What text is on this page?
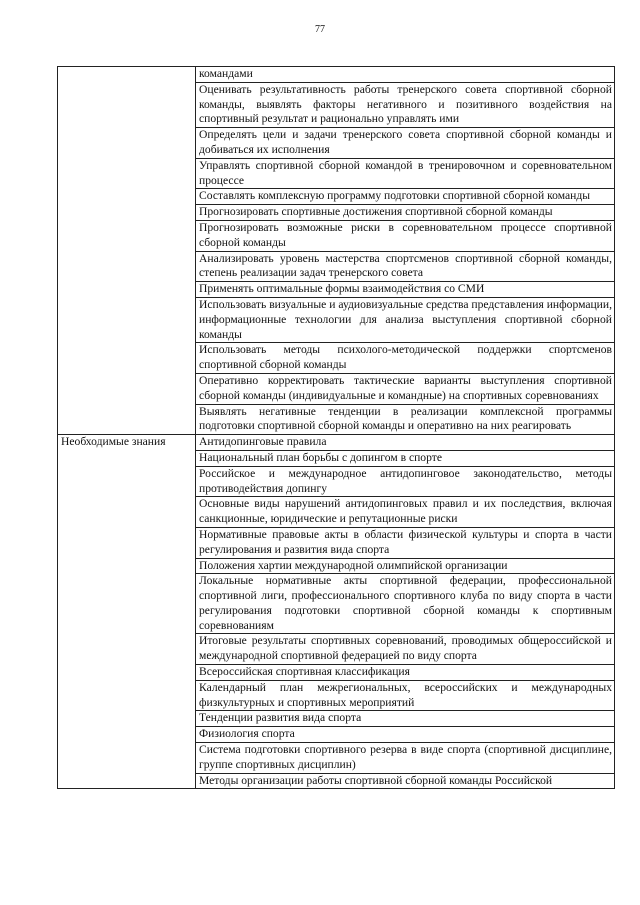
77
	командами
	Оценивать результативность работы тренерского совета спортивной сборной команды, выявлять факторы негативного и позитивного воздействия на спортивный результат и рационально управлять ими
	Определять цели и задачи тренерского совета спортивной сборной команды и добиваться их исполнения
	Управлять спортивной сборной командой в тренировочном и соревновательном процессе
	Составлять комплексную программу подготовки спортивной сборной команды
	Прогнозировать спортивные достижения спортивной сборной команды
	Прогнозировать возможные риски в соревновательном процессе спортивной сборной команды
	Анализировать уровень мастерства спортсменов спортивной сборной команды, степень реализации задач тренерского совета
	Применять оптимальные формы взаимодействия со СМИ
	Использовать визуальные и аудиовизуальные средства представления информации, информационные технологии для анализа выступления спортивной сборной команды
	Использовать методы психолого-методической поддержки спортсменов спортивной сборной команды
	Оперативно корректировать тактические варианты выступления спортивной сборной команды (индивидуальные и командные) на спортивных соревнованиях
	Выявлять негативные тенденции в реализации комплексной программы подготовки спортивной сборной команды и оперативно на них реагировать
Необходимые знания	Антидопинговые правила
	Национальный план борьбы с допингом в спорте
	Российское и международное антидопинговое законодательство, методы противодействия допингу
	Основные виды нарушений антидопинговых правил и их последствия, включая санкционные, юридические и репутационные риски
	Нормативные правовые акты в области физической культуры и спорта в части регулирования и развития вида спорта
	Положения хартии международной олимпийской организации
	Локальные нормативные акты спортивной федерации, профессиональной спортивной лиги, профессионального спортивного клуба по виду спорта в части регулирования подготовки спортивной сборной команды к спортивным соревнованиям
	Итоговые результаты спортивных соревнований, проводимых общероссийской и международной спортивной федерацией по виду спорта
	Всероссийская спортивная классификация
	Календарный план межрегиональных, всероссийских и международных физкультурных и спортивных мероприятий
	Тенденции развития вида спорта
	Физиология спорта
	Система подготовки спортивного резерва в виде спорта (спортивной дисциплине, группе спортивных дисциплин)
	Методы организации работы спортивной сборной команды Российской
